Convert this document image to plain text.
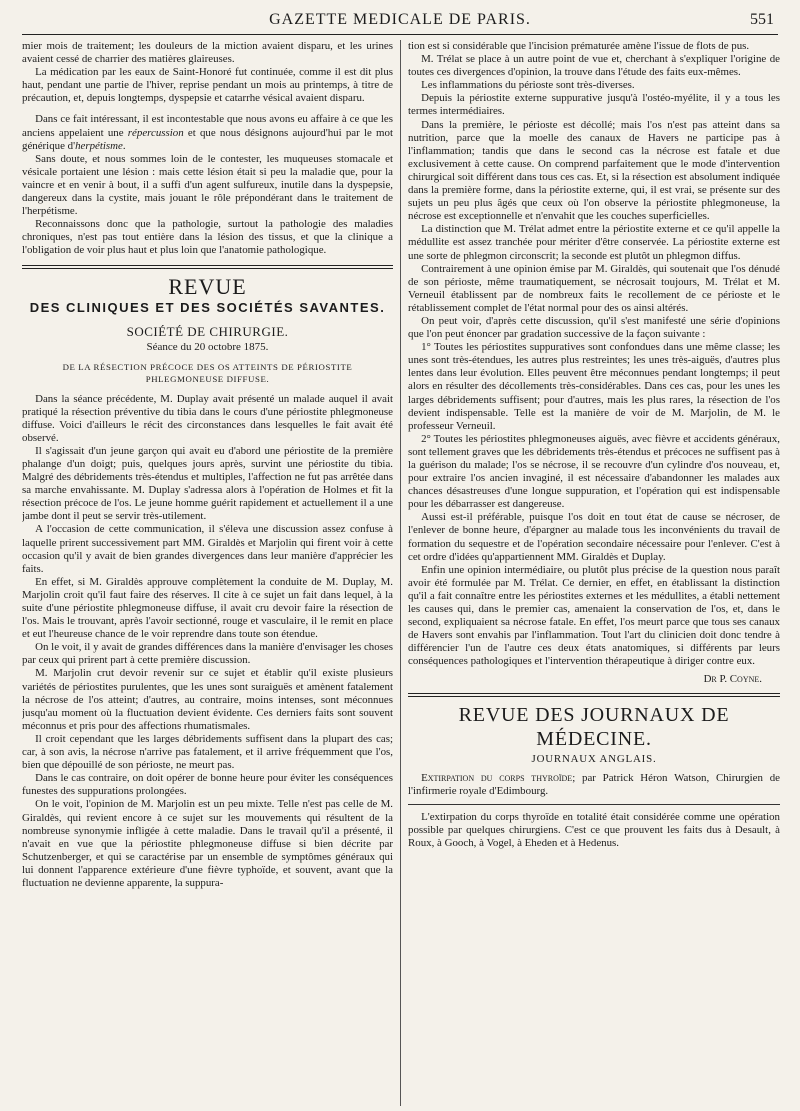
GAZETTE MEDICALE DE PARIS.	551

mier mois de traitement; les douleurs de la miction avaient disparu, et les urines avaient cessé de charrier des matières glaireuses.

La médication par les eaux de Saint-Honoré fut continuée, comme il est dit plus haut, pendant une partie de l'hiver, reprise pendant un mois au printemps, à titre de précaution, et, depuis longtemps, dyspepsie et catarrhe vésical avaient disparu.

Dans ce fait intéressant, il est incontestable que nous avons eu affaire à ce que les anciens appelaient une répercussion et que nous désignons aujourd'hui par le mot générique d'herpétisme.

Sans doute, et nous sommes loin de le contester, les muqueuses stomacale et vésicale portaient une lésion : mais cette lésion était si peu la maladie que, pour la vaincre et en venir à bout, il a suffi d'un agent sulfureux, inutile dans la dyspepsie, dangereux dans la cystite, mais jouant le rôle prépondérant dans le traitement de l'herpétisme.

Reconnaissons donc que la pathologie, surtout la pathologie des maladies chroniques, n'est pas tout entière dans la lésion des tissus, et que la clinique a l'obligation de voir plus haut et plus loin que l'anatomie pathologique.

REVUE
DES CLINIQUES ET DES SOCIÉTÉS SAVANTES.
SOCIÉTÉ DE CHIRURGIE.
Séance du 20 octobre 1875.
DE LA RÉSECTION PRÉCOCE DES OS ATTEINTS DE PÉRIOSTITE PHLEGMONEUSE DIFFUSE.

Dans la séance précédente, M. Duplay avait présenté un malade auquel il avait pratiqué la résection préventive du tibia dans le cours d'une périostite phlegmoneuse diffuse. Voici d'ailleurs le récit des circonstances dans lesquelles le fait avait été observé.

Il s'agissait d'un jeune garçon qui avait eu d'abord une périostite de la première phalange d'un doigt; puis, quelques jours après, survint une périostite du tibia. Malgré des débridements très-étendus et multiples, l'affection ne fut pas arrêtée dans sa marche envahissante. M. Duplay s'adressa alors à l'opération de Holmes et fit la résection précoce de l'os. Le jeune homme guérit rapidement et actuellement il a une jambe dont il peut se servir très-utilement.

A l'occasion de cette communication, il s'éleva une discussion assez confuse à laquelle prirent successivement part MM. Giraldès et Marjolin qui firent voir à cette occasion qu'il y avait de bien grandes divergences dans leur manière d'apprécier les faits.

En effet, si M. Giraldès approuve complètement la conduite de M. Duplay, M. Marjolin croit qu'il faut faire des réserves. Il cite à ce sujet un fait dans lequel, à la suite d'une périostite phlegmoneuse diffuse, il avait cru devoir faire la résection de l'os. Mais le trouvant, après l'avoir sectionné, rouge et vasculaire, il le remit en place et eut l'heureuse chance de le voir reprendre dans toute son étendue.

On le voit, il y avait de grandes différences dans la manière d'envisager les choses par ceux qui prirent part à cette première discussion.

M. Marjolin crut devoir revenir sur ce sujet et établir qu'il existe plusieurs variétés de périostites purulentes, que les unes sont suraiguës et amènent fatalement la nécrose de l'os atteint; d'autres, au contraire, moins intenses, sont méconnues jusqu'au moment où la fluctuation devient évidente. Ces derniers faits sont souvent méconnus et pris pour des affections rhumatismales.

Il croit cependant que les larges débridements suffisent dans la plupart des cas; car, à son avis, la nécrose n'arrive pas fatalement, et il arrive fréquemment que l'os, bien que dépouillé de son périoste, ne meurt pas.

Dans le cas contraire, on doit opérer de bonne heure pour éviter les conséquences funestes des suppurations prolongées.

On le voit, l'opinion de M. Marjolin est un peu mixte. Telle n'est pas celle de M. Giraldès, qui revient encore à ce sujet sur les mouvements qui résultent de la nombreuse synonymie infligée à cette maladie. Dans le travail qu'il a présenté, il n'avait en vue que la périostite phlegmoneuse diffuse si bien décrite par Schutzenberger, et qui se caractérise par un ensemble de symptômes généraux qui lui donnent l'apparence extérieure d'une fièvre typhoïde, et souvent, avant que la fluctuation ne devienne apparente, la suppura-

tion est si considérable que l'incision prématurée amène l'issue de flots de pus.

M. Trélat se place à un autre point de vue et, cherchant à s'expliquer l'origine de toutes ces divergences d'opinion, la trouve dans l'étude des faits eux-mêmes.

Les inflammations du périoste sont très-diverses.

Depuis la périostite externe suppurative jusqu'à l'ostéo-myélite, il y a tous les termes intermédiaires.

Dans la première, le périoste est décollé; mais l'os n'est pas atteint dans sa nutrition, parce que la moelle des canaux de Havers ne participe pas à l'inflammation; tandis que dans le second cas la nécrose est fatale et due exclusivement à cette cause. On comprend parfaitement que le mode d'intervention chirurgical soit différent dans tous ces cas. Et, si la résection est absolument indiquée dans la première forme, dans la périostite externe, qui, il est vrai, se présente sur des sujets un peu plus âgés que ceux où l'on observe la périostite phlegmoneuse, la nécrose est exceptionnelle et n'envahit que les couches superficielles.

La distinction que M. Trélat admet entre la périostite externe et ce qu'il appelle la médullite est assez tranchée pour mériter d'être conservée. La périostite externe est une sorte de phlegmon circonscrit; la seconde est plutôt un phlegmon diffus.

Contrairement à une opinion émise par M. Giraldès, qui soutenait que l'os dénudé de son périoste, même traumatiquement, se nécrosait toujours, M. Trélat et M. Verneuil établissent par de nombreux faits le recollement de ce périoste et le rétablissement complet de l'état normal pour des os ainsi altérés.

On peut voir, d'après cette discussion, qu'il s'est manifesté une série d'opinions que l'on peut énoncer par gradation successive de la façon suivante :

1° Toutes les périostites suppuratives sont confondues dans une même classe; les unes sont très-étendues, les autres plus restreintes; les unes très-aiguës, d'autres plus lentes dans leur évolution. Elles peuvent être méconnues pendant longtemps; il peut alors en résulter des décollements très-considérables. Dans ces cas, pour les unes les larges débridements suffisent; pour d'autres, mais les plus rares, la résection de l'os devient indispensable. Telle est la manière de voir de M. Marjolin, de M. le professeur Verneuil.

2° Toutes les périostites phlegmoneuses aiguës, avec fièvre et accidents généraux, sont tellement graves que les débridements très-étendus et précoces ne suffisent pas à la guérison du malade; l'os se nécrose, il se recouvre d'un cylindre d'os nouveau, et, pour extraire l'os ancien invaginé, il est nécessaire d'abandonner les malades aux chances désastreuses d'une longue suppuration, et l'opération qui est indispensable pour les débarrasser est dangereuse.

Aussi est-il préférable, puisque l'os doit en tout état de cause se nécroser, de l'enlever de bonne heure, d'épargner au malade tous les inconvénients du travail de formation du sequestre et de l'opération secondaire nécessaire pour l'enlever. C'est à cet ordre d'idées qu'appartiennent MM. Giraldès et Duplay.

Enfin une opinion intermédiaire, ou plutôt plus précise de la question nous paraît avoir été formulée par M. Trélat. Ce dernier, en effet, en établissant la distinction qu'il a fait connaître entre les périostites externes et les médullites, a établi nettement les causes qui, dans le premier cas, amenaient la conservation de l'os, et, dans le second, expliquaient sa nécrose fatale. En effet, l'os meurt parce que tous ses canaux de Havers sont envahis par l'inflammation. Tout l'art du clinicien doit donc tendre à différencier l'un de l'autre ces deux états anatomiques, si différents par leurs conséquences pathologiques et l'intervention thérapeutique à diriger contre eux.

Dr P. Coyne.
REVUE DES JOURNAUX DE MÉDECINE.
JOURNAUX ANGLAIS.

Extirpation du corps thyroïde; par Patrick Héron Watson, Chirurgien de l'infirmerie royale d'Edimbourg.

L'extirpation du corps thyroïde en totalité était considérée comme une opération possible par quelques chirurgiens. C'est ce que prouvent les faits dus à Desault, à Roux, à Gooch, à Vogel, à Eheden et à Hedenus.
